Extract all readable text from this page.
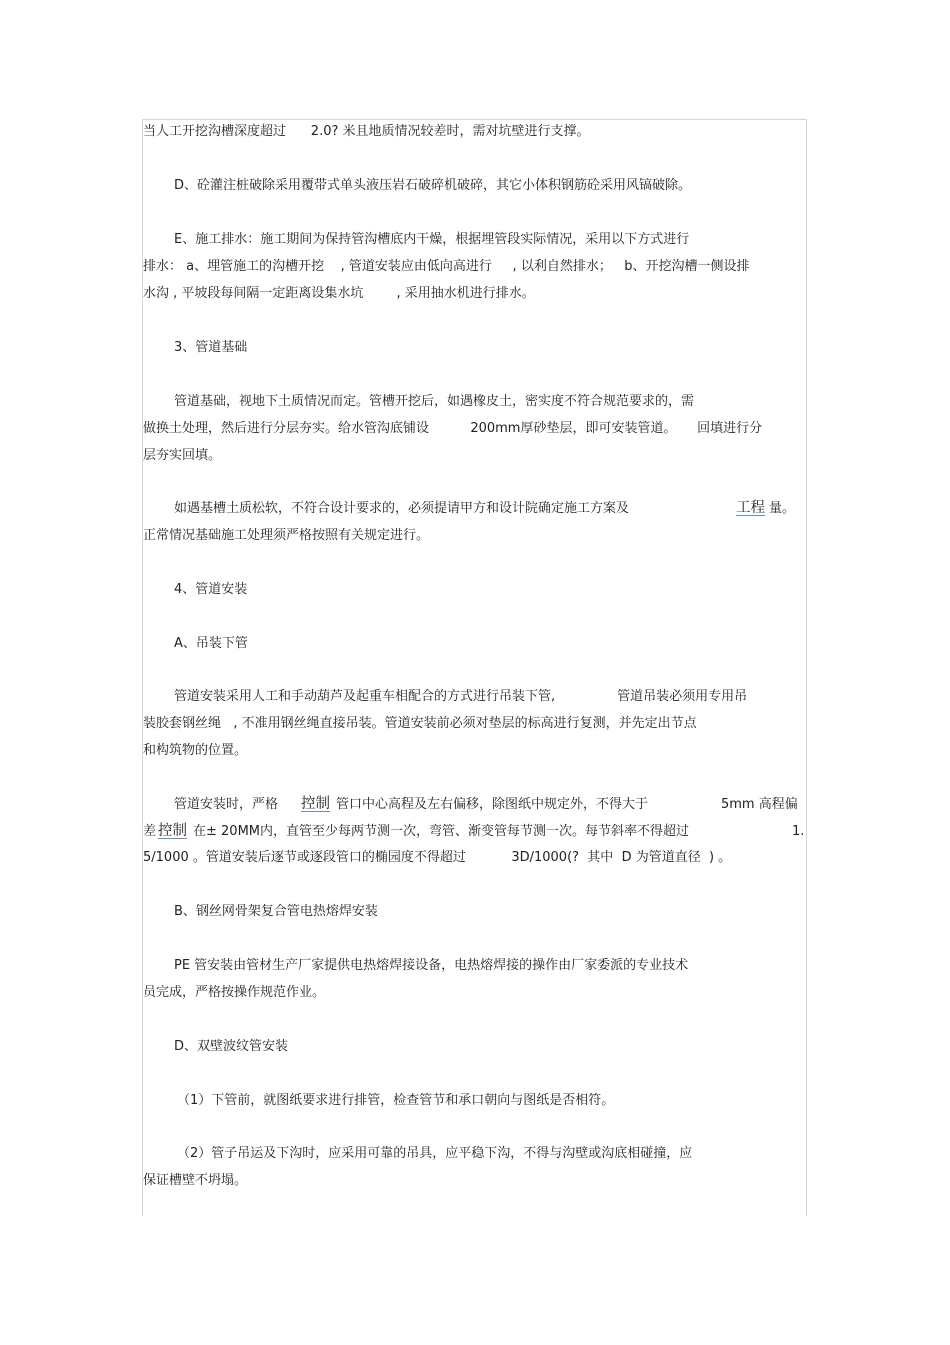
当人工开挖沟槽深度超过      2.0? 米且地质情况较差时，需对坑壁进行支撑。
D、砼灌注桩破除采用覆带式单头液压岩石破碎机破碎，其它小体积钢筋砼采用风镐破除。
E、施工排水：施工期间为保持管沟槽底内干燥，根据埋管段实际情况，采用以下方式进行
排水： a、埋管施工的沟槽开挖    , 管道安装应由低向高进行     , 以利自然排水；   b、开挖沟槽一侧设排
水沟 , 平坡段每间隔一定距离设集水坑        , 采用抽水机进行排水。
3、管道基础
管道基础，视地下土质情况而定。管槽开挖后，如遇橡皮土，密实度不符合规范要求的，需
做换土处理，然后进行分层夯实。给水管沟底铺设          200mm厚砂垫层，即可安装管道。     回填进行分
层夯实回填。
如遇基槽土质松软，不符合设计要求的，必须提请甲方和设计院确定施工方案及	工程 量。
正常情况基础施工处理须严格按照有关规定进行。
4、管道安装
A、吊装下管
管道安装采用人工和手动葫芦及起重车相配合的方式进行吊装下管,               管道吊装必须用专用吊
装胶套钢丝绳   , 不准用钢丝绳直接吊装。管道安装前必须对垫层的标高进行复测，并先定出节点
和构筑物的位置。
管道安装时，严格 控制 管口中心高程及左右偏移，除图纸中规定外，不得大于	5mm 高程偏
差 控制 在± 20MM内，直管至少每两节测一次，弯管、渐变管每节测一次。每节斜率不得超过	1.
5/1000 。管道安装后逐节或逐段管口的椭园度不得超过           3D/1000(?  其中  D 为管道直径  ) 。
B、钢丝网骨架复合管电热熔焊安装
PE 管安装由管材生产厂家提供电热熔焊接设备，电热熔焊接的操作由厂家委派的专业技术
员完成，严格按操作规范作业。
D、双壁波纹管安装
（1）下管前，就图纸要求进行排管，检查管节和承口朝向与图纸是否相符。
（2）管子吊运及下沟时，应采用可靠的吊具，应平稳下沟，不得与沟壁或沟底相碰撞，应
保证槽壁不坍塌。
